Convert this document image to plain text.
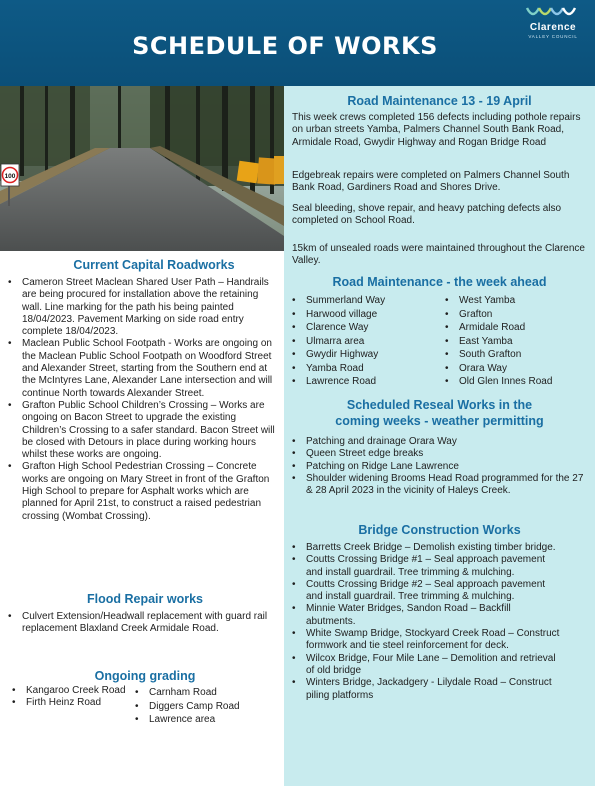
SCHEDULE OF WORKS
Clarence
VALLEY COUNCIL
100
Road Maintenance 13 - 19 April
This week crews completed 156 defects including pothole repairs on urban streets Yamba, Palmers Channel South Bank Road, Armidale Road, Gwydir Highway and Rogan Bridge Road
Edgebreak repairs were completed on Palmers Channel South Bank Road, Gardiners Road and Shores Drive.
Seal bleeding, shove repair, and heavy patching defects also completed on School Road.
15km of unsealed roads were maintained throughout the Clarence Valley.
Road Maintenance - the week ahead
• Summerland Way
• Harwood village
• Clarence Way
• Ulmarra area
• Gwydir Highway
• Yamba Road
• Lawrence Road
• West Yamba
• Grafton
• Armidale Road
• East Yamba
• South Grafton
• Orara Way
• Old Glen Innes Road
Scheduled Reseal Works in the
coming weeks - weather permitting
• Patching and drainage Orara Way
• Queen Street edge breaks
• Patching on Ridge Lane Lawrence
• Shoulder widening Brooms Head Road programmed for the 27 & 28 April 2023 in the vicinity of Haleys Creek.
Bridge Construction Works
• Barretts Creek Bridge – Demolish existing timber bridge.
• Coutts Crossing Bridge #1 – Seal approach pavement and install guardrail. Tree trimming & mulching.
• Coutts Crossing Bridge #2 – Seal approach pavement and install guardrail. Tree trimming & mulching.
• Minnie Water Bridges, Sandon Road – Backfill abutments.
• White Swamp Bridge, Stockyard Creek Road – Construct formwork and tie steel reinforcement for deck.
• Wilcox Bridge, Four Mile Lane – Demolition and retrieval of old bridge
• Winters Bridge, Jackadgery - Lilydale Road – Construct piling platforms
Current Capital Roadworks
• Cameron Street Maclean Shared User Path – Handrails are being procured for installation above the retaining wall. Line marking for the path his being painted 18/04/2023. Pavement Marking on side road entry complete 18/04/2023.
• Maclean Public School Footpath - Works are ongoing on the Maclean Public School Footpath on Woodford Street and Alexander Street, starting from the Southern end at the McIntyres Lane, Alexander Lane intersection and will continue North towards Alexander Street.
• Grafton Public School Children’s Crossing – Works are ongoing on Bacon Street to upgrade the existing Children’s Crossing to a safer standard. Bacon Street will be closed with Detours in place during working hours whilst these works are ongoing.
• Grafton High School Pedestrian Crossing – Concrete works are ongoing on Mary Street in front of the Grafton High School to prepare for Asphalt works which are planned for April 21st, to construct a raised pedestrian crossing (Wombat Crossing).
Flood Repair works
• Culvert Extension/Headwall replacement with guard rail replacement Blaxland Creek Armidale Road.
Ongoing grading
• Kangaroo Creek Road
• Firth Heinz Road
• Carnham Road
• Diggers Camp Road
• Lawrence area
